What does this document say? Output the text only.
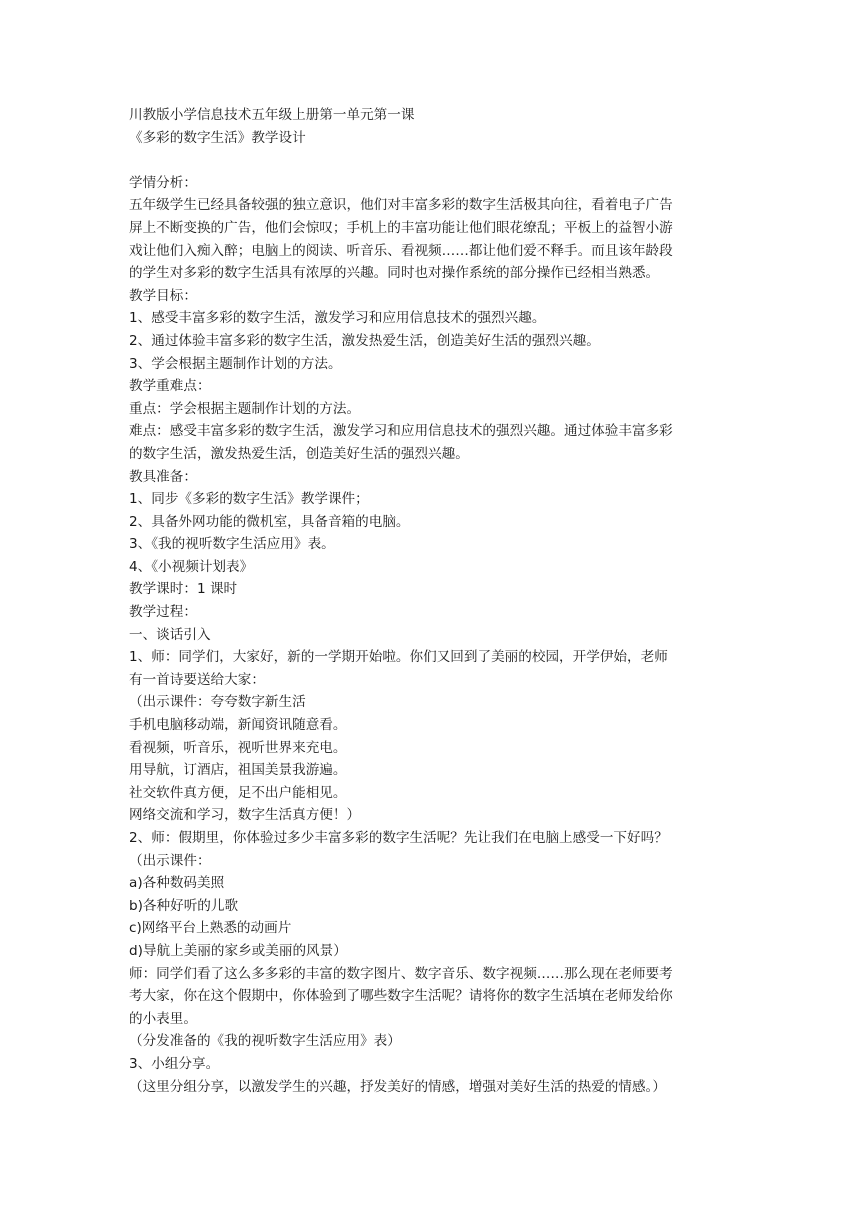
川教版小学信息技术五年级上册第一单元第一课
《多彩的数字生活》教学设计
学情分析：
五年级学生已经具备较强的独立意识，他们对丰富多彩的数字生活极其向往，看着电子广告
屏上不断变换的广告，他们会惊叹；手机上的丰富功能让他们眼花缭乱；平板上的益智小游
戏让他们入痴入醉；电脑上的阅读、听音乐、看视频……都让他们爱不释手。而且该年龄段
的学生对多彩的数字生活具有浓厚的兴趣。同时也对操作系统的部分操作已经相当熟悉。
教学目标：
1、感受丰富多彩的数字生活，激发学习和应用信息技术的强烈兴趣。
2、通过体验丰富多彩的数字生活，激发热爱生活，创造美好生活的强烈兴趣。
3、学会根据主题制作计划的方法。
教学重难点：
重点：学会根据主题制作计划的方法。
难点：感受丰富多彩的数字生活，激发学习和应用信息技术的强烈兴趣。通过体验丰富多彩
的数字生活，激发热爱生活，创造美好生活的强烈兴趣。
教具准备：
1、同步《多彩的数字生活》教学课件；
2、具备外网功能的微机室，具备音箱的电脑。
3、《我的视听数字生活应用》表。
4、《小视频计划表》
教学课时：1 课时
教学过程：
一、谈话引入
1、师：同学们，大家好，新的一学期开始啦。你们又回到了美丽的校园，开学伊始，老师
有一首诗要送给大家：
（出示课件：夸夸数字新生活
手机电脑移动端，新闻资讯随意看。
看视频，听音乐，视听世界来充电。
用导航，订酒店，祖国美景我游遍。
社交软件真方便，足不出户能相见。
网络交流和学习，数字生活真方便！）
2、师：假期里，你体验过多少丰富多彩的数字生活呢？先让我们在电脑上感受一下好吗？
（出示课件：
a)各种数码美照
b)各种好听的儿歌
c)网络平台上熟悉的动画片
d)导航上美丽的家乡或美丽的风景）
师：同学们看了这么多多彩的丰富的数字图片、数字音乐、数字视频……那么现在老师要考
考大家，你在这个假期中，你体验到了哪些数字生活呢？请将你的数字生活填在老师发给你
的小表里。
（分发准备的《我的视听数字生活应用》表）
3、小组分享。
（这里分组分享，以激发学生的兴趣，抒发美好的情感，增强对美好生活的热爱的情感。）
